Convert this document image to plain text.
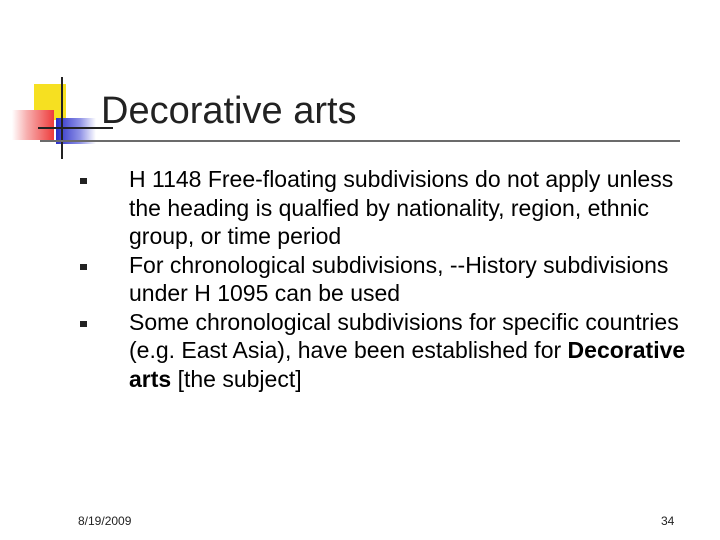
Decorative arts
H 1148 Free-floating subdivisions do not apply unless the heading is qualfied by nationality, region, ethnic group, or time period
For chronological subdivisions, --History subdivisions under H 1095 can be used
Some chronological subdivisions for specific countries (e.g. East Asia), have been established for Decorative arts [the subject]
8/19/2009	34
